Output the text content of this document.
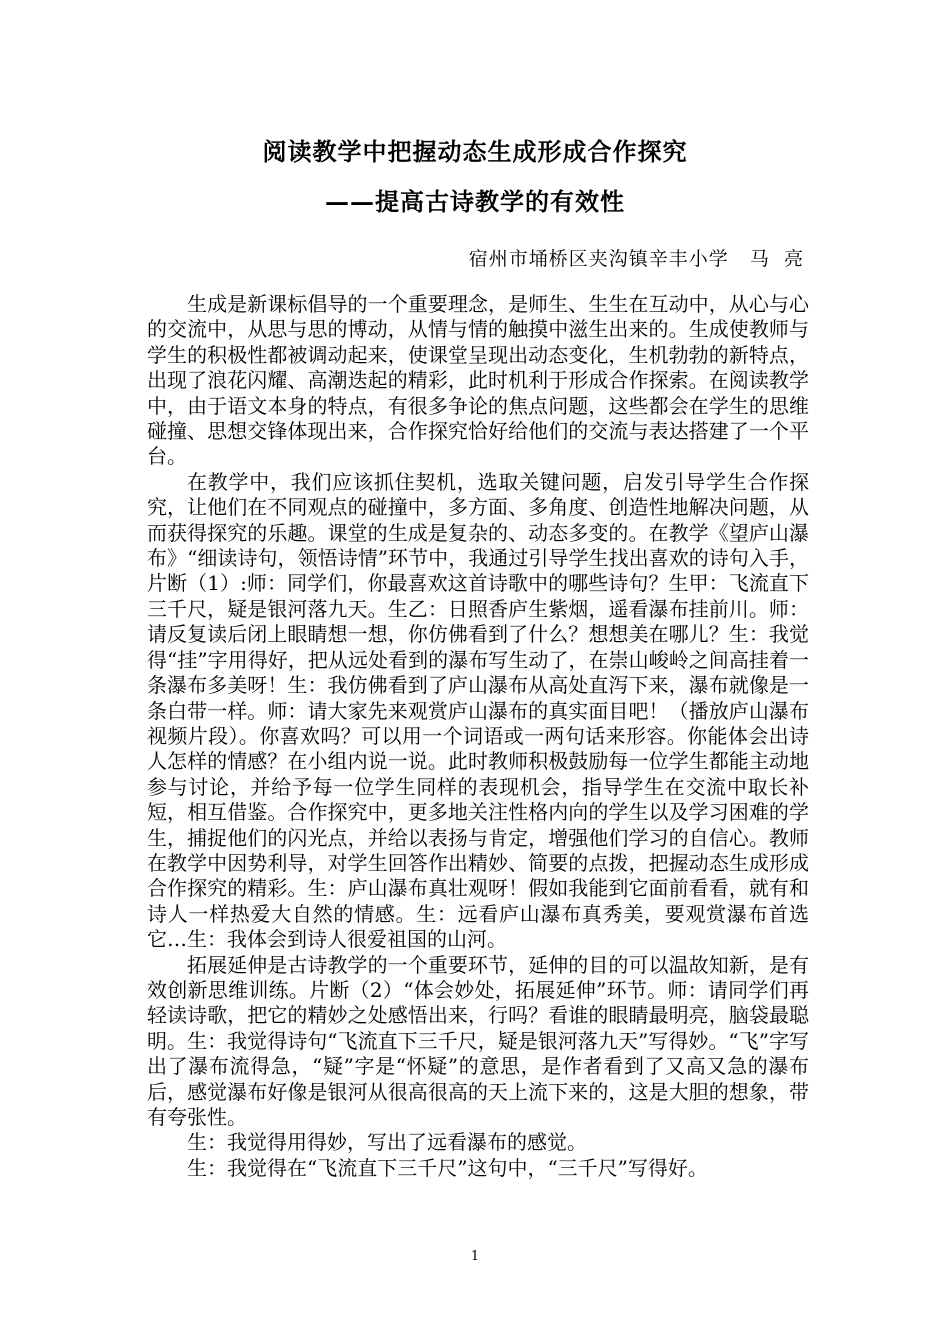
阅读教学中把握动态生成形成合作探究
——提高古诗教学的有效性

宿州市埇桥区夹沟镇辛丰小学   马  亮

生成是新课标倡导的一个重要理念，是师生、生生在互动中，从心与心的交流中，从思与思的博动，从情与情的触摸中滋生出来的。生成使教师与学生的积极性都被调动起来，使课堂呈现出动态变化，生机勃勃的新特点，出现了浪花闪耀、高潮迭起的精彩，此时机利于形成合作探索。在阅读教学中，由于语文本身的特点，有很多争论的焦点问题，这些都会在学生的思维碰撞、思想交锋体现出来，合作探究恰好给他们的交流与表达搭建了一个平台。

在教学中，我们应该抓住契机，选取关键问题，启发引导学生合作探究，让他们在不同观点的碰撞中，多方面、多角度、创造性地解决问题，从而获得探究的乐趣。课堂的生成是复杂的、动态多变的。在教学《望庐山瀑布》“细读诗句，领悟诗情”环节中，我通过引导学生找出喜欢的诗句入手，片断（1）:师：同学们，你最喜欢这首诗歌中的哪些诗句？生甲：飞流直下三千尺，疑是银河落九天。生乙：日照香庐生紫烟，遥看瀑布挂前川。师：请反复读后闭上眼睛想一想，你仿佛看到了什么？想想美在哪儿？生：我觉得“挂”字用得好，把从远处看到的瀑布写生动了，在崇山峻岭之间高挂着一条瀑布多美呀！生：我仿佛看到了庐山瀑布从高处直泻下来，瀑布就像是一条白带一样。师：请大家先来观赏庐山瀑布的真实面目吧！（播放庐山瀑布视频片段）。你喜欢吗？可以用一个词语或一两句话来形容。你能体会出诗人怎样的情感？在小组内说一说。此时教师积极鼓励每一位学生都能主动地参与讨论，并给予每一位学生同样的表现机会，指导学生在交流中取长补短，相互借鉴。合作探究中，更多地关注性格内向的学生以及学习困难的学生，捕捉他们的闪光点，并给以表扬与肯定，增强他们学习的自信心。教师在教学中因势利导，对学生回答作出精妙、简要的点拨，把握动态生成形成合作探究的精彩。生：庐山瀑布真壮观呀！假如我能到它面前看看，就有和诗人一样热爱大自然的情感。生：远看庐山瀑布真秀美，要观赏瀑布首选它…生：我体会到诗人很爱祖国的山河。

拓展延伸是古诗教学的一个重要环节，延伸的目的可以温故知新，是有效创新思维训练。片断（2）“体会妙处，拓展延伸”环节。师：请同学们再轻读诗歌，把它的精妙之处感悟出来，行吗？看谁的眼睛最明亮，脑袋最聪明。生：我觉得诗句“飞流直下三千尺，疑是银河落九天”写得妙。“飞”字写出了瀑布流得急，“疑”字是“怀疑”的意思，是作者看到了又高又急的瀑布后，感觉瀑布好像是银河从很高很高的天上流下来的，这是大胆的想象，带有夸张性。

生：我觉得用得妙，写出了远看瀑布的感觉。

生：我觉得在“飞流直下三千尺”这句中，“三千尺”写得好。

1
